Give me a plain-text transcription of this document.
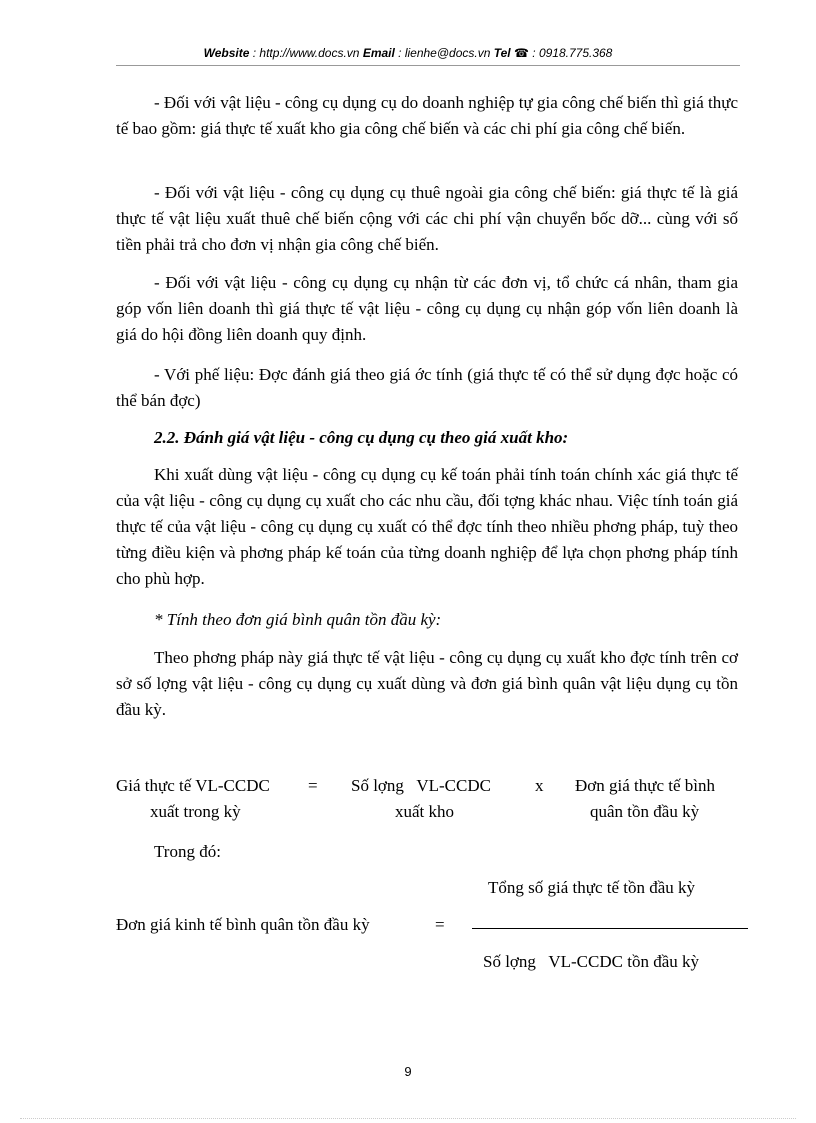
Website : http://www.docs.vn Email : lienhe@docs.vn Tel ☎ : 0918.775.368

- Đối với vật liệu - công cụ dụng cụ do doanh nghiệp tự gia công chế biến thì giá thực tế bao gồm: giá thực tế xuất kho gia công chế biến và các chi phí gia công chế biến.

- Đối với vật liệu - công cụ dụng cụ thuê ngoài gia công chế biến: giá thực tế là giá thực tế vật liệu xuất thuê chế biến cộng với các chi phí vận chuyển bốc dỡ... cùng với số tiền phải trả cho đơn vị nhận gia công chế biến.

- Đối với vật liệu - công cụ dụng cụ nhận từ các đơn vị, tổ chức cá nhân, tham gia góp vốn liên doanh thì giá thực tế vật liệu - công cụ dụng cụ nhận góp vốn liên doanh là giá do hội đồng liên doanh quy định.

- Với phế liệu: Đợc đánh giá theo giá ớc tính (giá thực tế có thể sử dụng đợc hoặc có thể bán đợc)

2.2. Đánh giá vật liệu - công cụ dụng cụ theo giá xuất kho:

Khi xuất dùng vật liệu - công cụ dụng cụ kế toán phải tính toán chính xác giá thực tế của vật liệu - công cụ dụng cụ xuất cho các nhu cầu, đối tợng khác nhau. Việc tính toán giá thực tế của vật liệu - công cụ dụng cụ xuất có thể đợc tính theo nhiều phơng pháp, tuỳ theo từng điều kiện và phơng pháp kế toán của từng doanh nghiệp để lựa chọn phơng pháp tính cho phù hợp.

* Tính theo đơn giá bình quân tồn đầu kỳ:

Theo phơng pháp này giá thực tế vật liệu - công cụ dụng cụ xuất kho đợc tính trên cơ sở số lợng vật liệu - công cụ dụng cụ xuất dùng và đơn giá bình quân vật liệu dụng cụ tồn đầu kỳ.

Giá thực tế VL-CCDC
xuất trong kỳ
= Số lợng   VL-CCDC
xuất kho
x Đơn giá thực tế bình
quân tồn đầu kỳ
Trong đó:
Tổng số giá thực tế tồn đầu kỳ
Đơn giá kinh tế bình quân tồn đầu kỳ	=
Số lợng   VL-CCDC tồn đầu kỳ
9
